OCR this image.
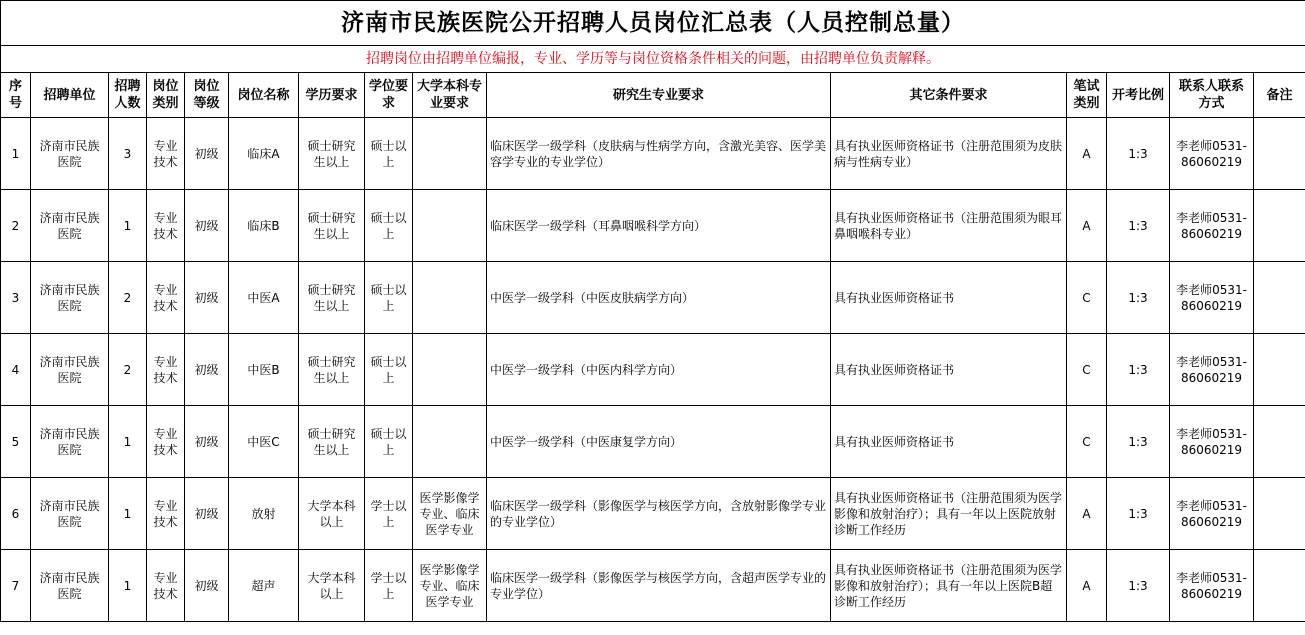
济南市民族医院公开招聘人员岗位汇总表（人员控制总量）														
招聘岗位由招聘单位编报，专业、学历等与岗位资格条件相关的问题，由招聘单位负责解释。														
序号	招聘单位	招聘人数	岗位类别	岗位等级	岗位名称	学历要求	学位要求	大学本科专业要求	研究生专业要求	其它条件要求	笔试类别	开考比例	联系人联系方式	备注
1	济南市民族医院	3	专业技术	初级	临床A	硕士研究生以上	硕士以上		临床医学一级学科（皮肤病与性病学方向，含激光美容、医学美容学专业的专业学位）	具有执业医师资格证书（注册范围须为皮肤病与性病专业）	A	1:3	李老师0531-86060219	
2	济南市民族医院	1	专业技术	初级	临床B	硕士研究生以上	硕士以上		临床医学一级学科（耳鼻咽喉科学方向）	具有执业医师资格证书（注册范围须为眼耳鼻咽喉科专业）	A	1:3	李老师0531-86060219	
3	济南市民族医院	2	专业技术	初级	中医A	硕士研究生以上	硕士以上		中医学一级学科（中医皮肤病学方向）	具有执业医师资格证书	C	1:3	李老师0531-86060219	
4	济南市民族医院	2	专业技术	初级	中医B	硕士研究生以上	硕士以上		中医学一级学科（中医内科学方向）	具有执业医师资格证书	C	1:3	李老师0531-86060219	
5	济南市民族医院	1	专业技术	初级	中医C	硕士研究生以上	硕士以上		中医学一级学科（中医康复学方向）	具有执业医师资格证书	C	1:3	李老师0531-86060219	
6	济南市民族医院	1	专业技术	初级	放射	大学本科以上	学士以上	医学影像学专业、临床医学专业	临床医学一级学科（影像医学与核医学方向，含放射影像学专业的专业学位）	具有执业医师资格证书（注册范围须为医学影像和放射治疗）；具有一年以上医院放射诊断工作经历	A	1:3	李老师0531-86060219	
7	济南市民族医院	1	专业技术	初级	超声	大学本科以上	学士以上	医学影像学专业、临床医学专业	临床医学一级学科（影像医学与核医学方向，含超声医学专业的专业学位）	具有执业医师资格证书（注册范围须为医学影像和放射治疗）；具有一年以上医院B超诊断工作经历	A	1:3	李老师0531-86060219	
